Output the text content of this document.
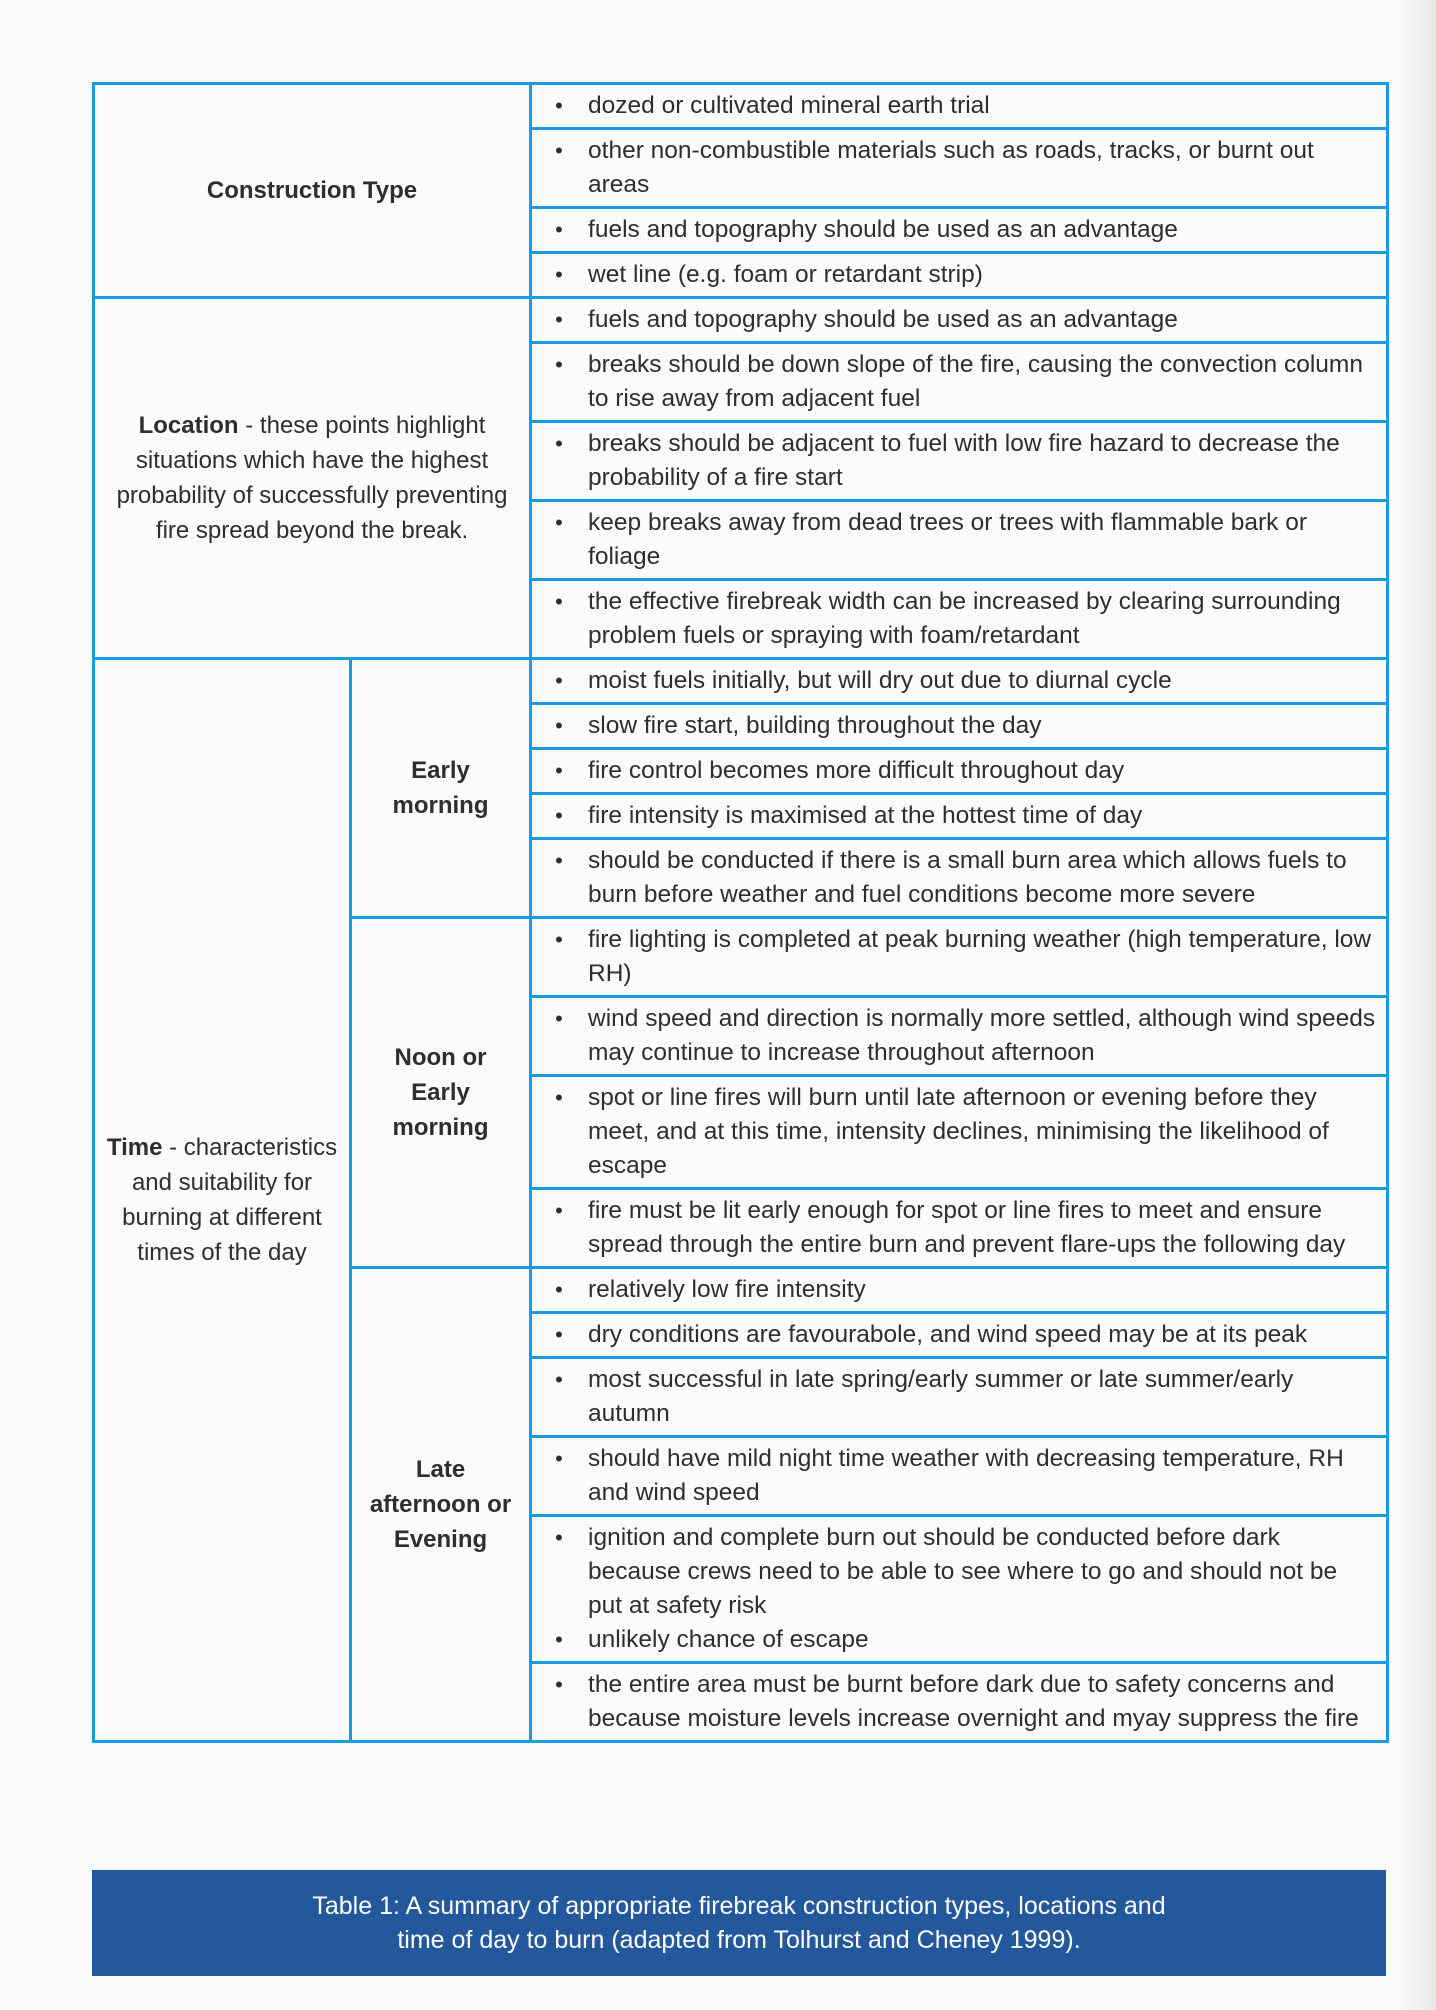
Construction Type		• dozed or cultivated mineral earth trial

		• other non-combustible materials such as roads, tracks, or burnt out areas

		• fuels and topography should be used as an advantage

		• wet line (e.g. foam or retardant strip)
Location - these points highlight situations which have the highest probability of successfully preventing fire spread beyond the break.		• fuels and topography should be used as an advantage

		• breaks should be down slope of the fire, causing the convection column to rise away from adjacent fuel

		• breaks should be adjacent to fuel with low fire hazard to decrease the probability of a fire start

		• keep breaks away from dead trees or trees with flammable bark or foliage

		• the effective firebreak width can be increased by clearing surrounding problem fuels or spraying with foam/retardant
Time - characteristics and suitability for burning at different times of the day	Early morning	• moist fuels initially, but will dry out due to diurnal cycle

		• slow fire start, building throughout the day

		• fire control becomes more difficult throughout day

		• fire intensity is maximised at the hottest time of day

		• should be conducted if there is a small burn area which allows fuels to burn before weather and fuel conditions become more severe
	Noon or Early morning	• fire lighting is completed at peak burning weather (high temperature, low RH)

		• wind speed and direction is normally more settled, although wind speeds may continue to increase throughout afternoon

		• spot or line fires will burn until late afternoon or evening before they meet, and at this time, intensity declines, minimising the likelihood of escape

		• fire must be lit early enough for spot or line fires to meet and ensure spread through the entire burn and prevent flare-ups the following day
	Late afternoon or Evening	• relatively low fire intensity

		• dry conditions are favourabole, and wind speed may be at its peak

		• most successful in late spring/early summer or late summer/early autumn

		• should have mild night time weather with decreasing temperature, RH and wind speed

		• ignition and complete burn out should be conducted before dark because crews need to be able to see where to go and should not be put at safety risk

• unlikely chance of escape

		• the entire area must be burnt before dark due to safety concerns and because moisture levels increase overnight and myay suppress the fire
Table 1: A summary of appropriate firebreak construction types, locations and
time of day to burn (adapted from Tolhurst and Cheney 1999).
